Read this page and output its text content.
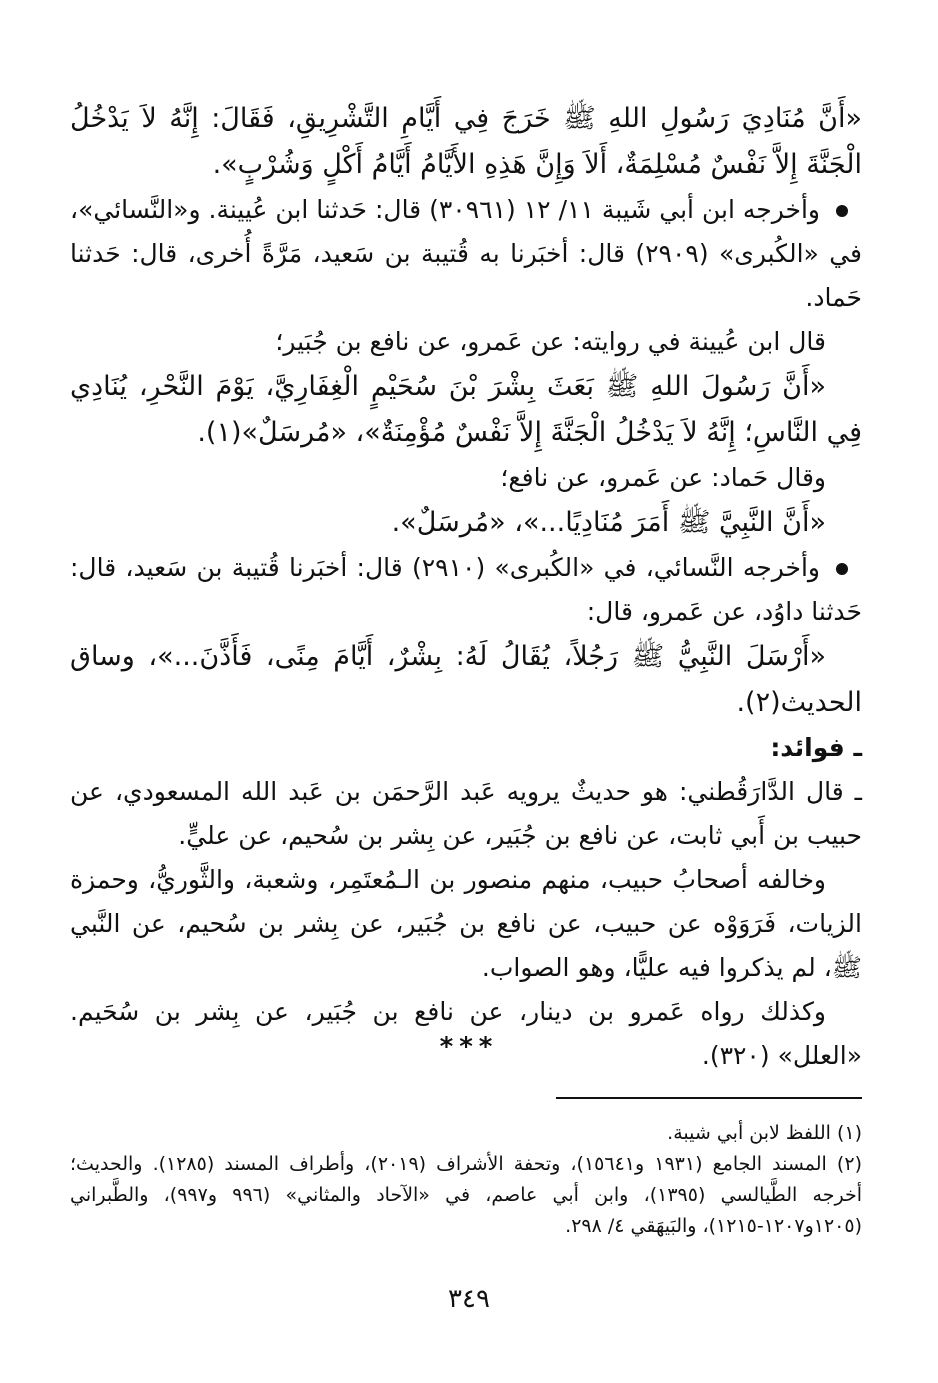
«أَنَّ مُنَادِيَ رَسُولِ اللهِ ﷺ خَرَجَ فِي أَيَّامِ التَّشْرِيقِ، فَقَالَ: إِنَّهُ لاَ يَدْخُلُ الْجَنَّةَ إِلاَّ نَفْسٌ مُسْلِمَةٌ، أَلاَ وَإِنَّ هَذِهِ الأَيَّامُ أَيَّامُ أَكْلٍ وَشُرْبٍ».

وأخرجه ابن أبي شَيبة ١١/ ١٢ (٣٠٩٦١) قال: حَدثنا ابن عُيينة. و«النَّسائي»، في «الكُبرى» (٢٩٠٩) قال: أخبَرنا به قُتيبة بن سَعيد، مَرَّةً أُخرى، قال: حَدثنا حَماد.

قال ابن عُيينة في روايته: عن عَمرو، عن نافع بن جُبَير؛

«أَنَّ رَسُولَ اللهِ ﷺ بَعَثَ بِشْرَ بْنَ سُحَيْمٍ الْغِفَارِيَّ، يَوْمَ النَّحْرِ، يُنَادِي فِي النَّاسِ؛ إِنَّهُ لاَ يَدْخُلُ الْجَنَّةَ إِلاَّ نَفْسٌ مُؤْمِنَةٌ»، «مُرسَلٌ»(١).

وقال حَماد: عن عَمرو، عن نافع؛

«أَنَّ النَّبِيَّ ﷺ أَمَرَ مُنَادِيًا...»، «مُرسَلٌ».

وأخرجه النَّسائي، في «الكُبرى» (٢٩١٠) قال: أخبَرنا قُتيبة بن سَعيد، قال: حَدثنا داوُد، عن عَمرو، قال:

«أَرْسَلَ النَّبِيُّ ﷺ رَجُلاً، يُقَالُ لَهُ: بِشْرٌ، أَيَّامَ مِنًى، فَأَذَّنَ...»، وساق الحديث(٢).

ـ فوائد:

ـ قال الدَّارَقُطني: هو حديثٌ يرويه عَبد الرَّحمَن بن عَبد الله المسعودي، عن حبيب بن أَبي ثابت، عن نافع بن جُبَير، عن بِشر بن سُحيم، عن عليٍّ.

وخالفه أصحابُ حبيب، منهم منصور بن الـمُعتَمِر، وشعبة، والثَّوريُّ، وحمزة الزيات، فَرَوَوْه عن حبيب، عن نافع بن جُبَير، عن بِشر بن سُحيم، عن النَّبي ﷺ، لم يذكروا فيه عليًّا، وهو الصواب.

وكذلك رواه عَمرو بن دينار، عن نافع بن جُبَير، عن بِشر بن سُحَيم. «العلل» (٣٢٠).

***

(١) اللفظ لابن أبي شيبة.

(٢) المسند الجامع (١٩٣١ و١٥٦٤١)، وتحفة الأشراف (٢٠١٩)، وأطراف المسند (١٢٨٥). والحديث؛ أخرجه الطَّيالسي (١٣٩٥)، وابن أبي عاصم، في «الآحاد والمثاني» (٩٩٦ و٩٩٧)، والطَّبراني (١٢٠٥و١٢٠٧-١٢١٥)، والبَيهَقي ٤/ ٢٩٨.

٣٤٩
